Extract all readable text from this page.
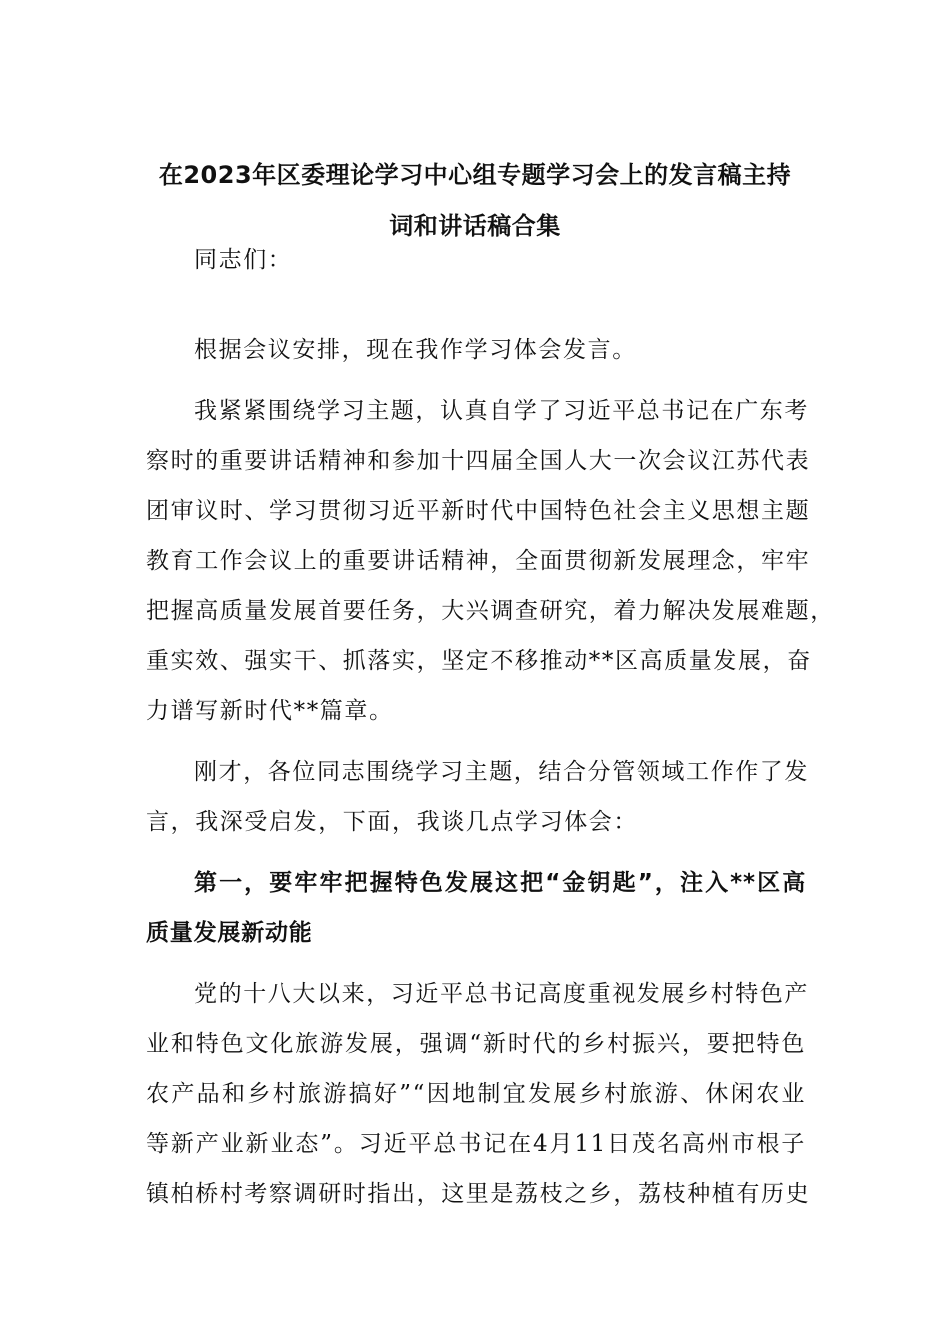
在2023年区委理论学习中心组专题学习会上的发言稿主持
词和讲话稿合集
同志们：
根据会议安排，现在我作学习体会发言。
我紧紧围绕学习主题，认真自学了习近平总书记在广东考
察时的重要讲话精神和参加十四届全国人大一次会议江苏代表
团审议时、学习贯彻习近平新时代中国特色社会主义思想主题
教育工作会议上的重要讲话精神，全面贯彻新发展理念，牢牢
把握高质量发展首要任务，大兴调查研究，着力解决发展难题，
重实效、强实干、抓落实，坚定不移推动**区高质量发展，奋
力谱写新时代**篇章。
刚才，各位同志围绕学习主题，结合分管领域工作作了发
言，我深受启发，下面，我谈几点学习体会：
第一，要牢牢把握特色发展这把“金钥匙”，注入**区高
质量发展新动能
党的十八大以来，习近平总书记高度重视发展乡村特色产
业和特色文化旅游发展，强调“新时代的乡村振兴，要把特色
农产品和乡村旅游搞好”“因地制宜发展乡村旅游、休闲农业
等新产业新业态”。习近平总书记在4月11日茂名高州市根子
镇柏桥村考察调研时指出，这里是荔枝之乡，荔枝种植有历史
